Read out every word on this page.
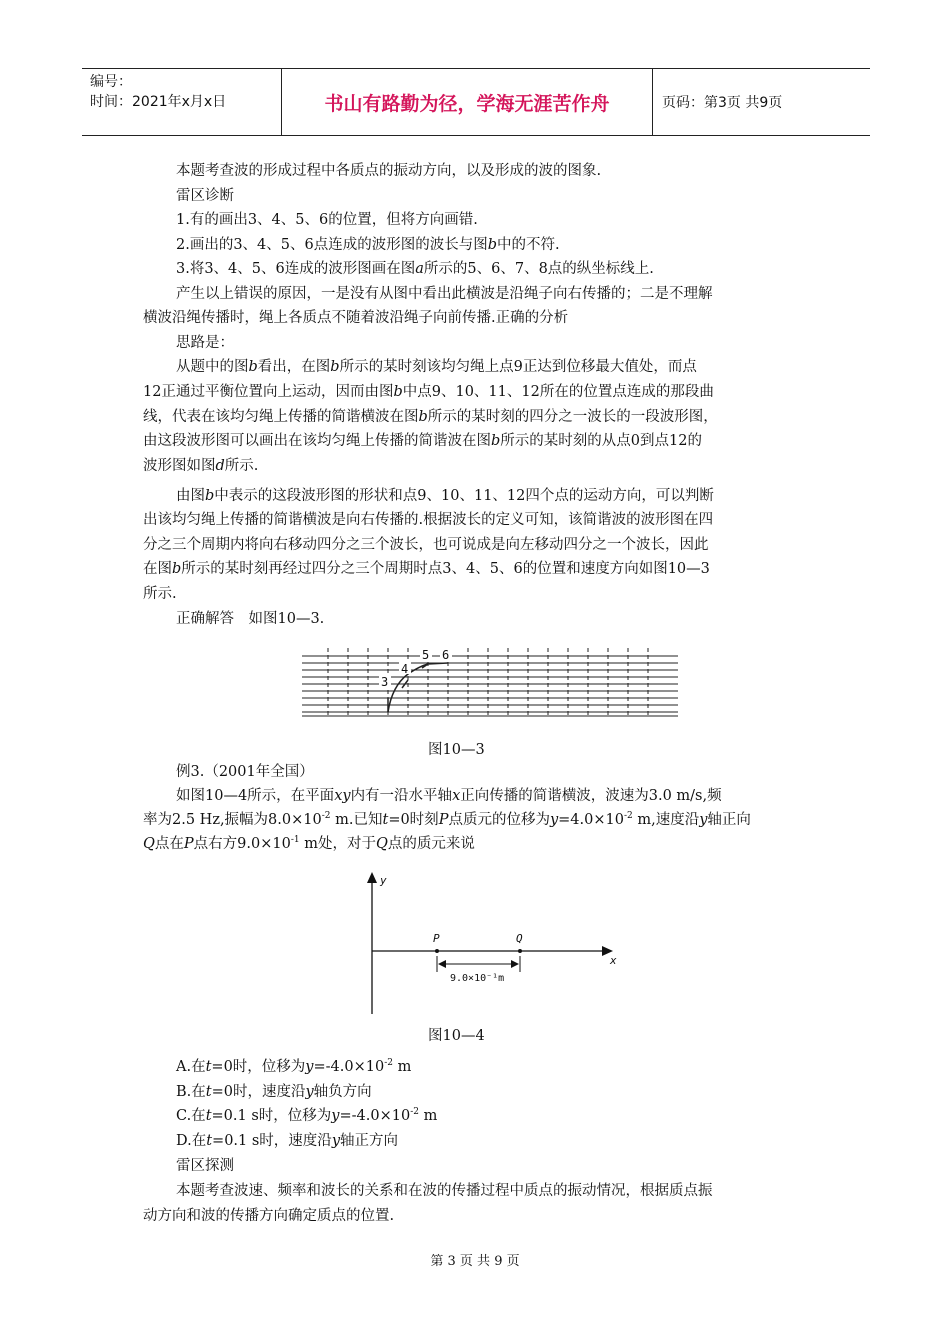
编号：
时间：2021年x月x日	书山有路勤为径，学海无涯苦作舟	页码：第3页 共9页
本题考查波的形成过程中各质点的振动方向，以及形成的波的图象.
雷区诊断
1.有的画出3、4、5、6的位置，但将方向画错.
2.画出的3、4、5、6点连成的波形图的波长与图b中的不符.
3.将3、4、5、6连成的波形图画在图a所示的5、6、7、8点的纵坐标线上.
产生以上错误的原因，一是没有从图中看出此横波是沿绳子向右传播的；二是不理解
横波沿绳传播时，绳上各质点不随着波沿绳子向前传播.正确的分析
思路是：
从题中的图b看出，在图b所示的某时刻该均匀绳上点9正达到位移最大值处，而点
12正通过平衡位置向上运动，因而由图b中点9、10、11、12所在的位置点连成的那段曲
线，代表在该均匀绳上传播的简谐横波在图b所示的某时刻的四分之一波长的一段波形图，
由这段波形图可以画出在该均匀绳上传播的简谐波在图b所示的某时刻的从点0到点12的
波形图如图d所示.
由图b中表示的这段波形图的形状和点9、10、11、12四个点的运动方向，可以判断
出该均匀绳上传播的简谐横波是向右传播的.根据波长的定义可知，该简谐波的波形图在四
分之三个周期内将向右移动四分之三个波长，也可说成是向左移动四分之一个波长，因此
在图b所示的某时刻再经过四分之三个周期时点3、4、5、6的位置和速度方向如图10—3
所示.
正确解答　如图10—3.
3
4
5 6
图10—3
例3.（2001年全国）
如图10—4所示，在平面xy内有一沿水平轴x正向传播的简谐横波，波速为3.0 m/s,频
率为2.5 Hz,振幅为$8.0\times 10^{-2}$ m.已知t=0时刻P点质元的位移为$y=4.0\times 10^{-2}$ m,速度沿y轴正向
Q点在P点右方$9.0\times 10^{-1}$ m处，对于Q点的质元来说
y
x
P	Q
9.0×10⁻¹m
图10—4
A.在t=0时，位移为$y=-4.0\times 10^{-2}$ m
B.在t=0时，速度沿y轴负方向
C.在t=0.1 s时，位移为$y=-4.0\times 10^{-2}$ m
D.在t=0.1 s时，速度沿y轴正方向
雷区探测
本题考查波速、频率和波长的关系和在波的传播过程中质点的振动情况，根据质点振
动方向和波的传播方向确定质点的位置.
第 3 页 共 9 页
